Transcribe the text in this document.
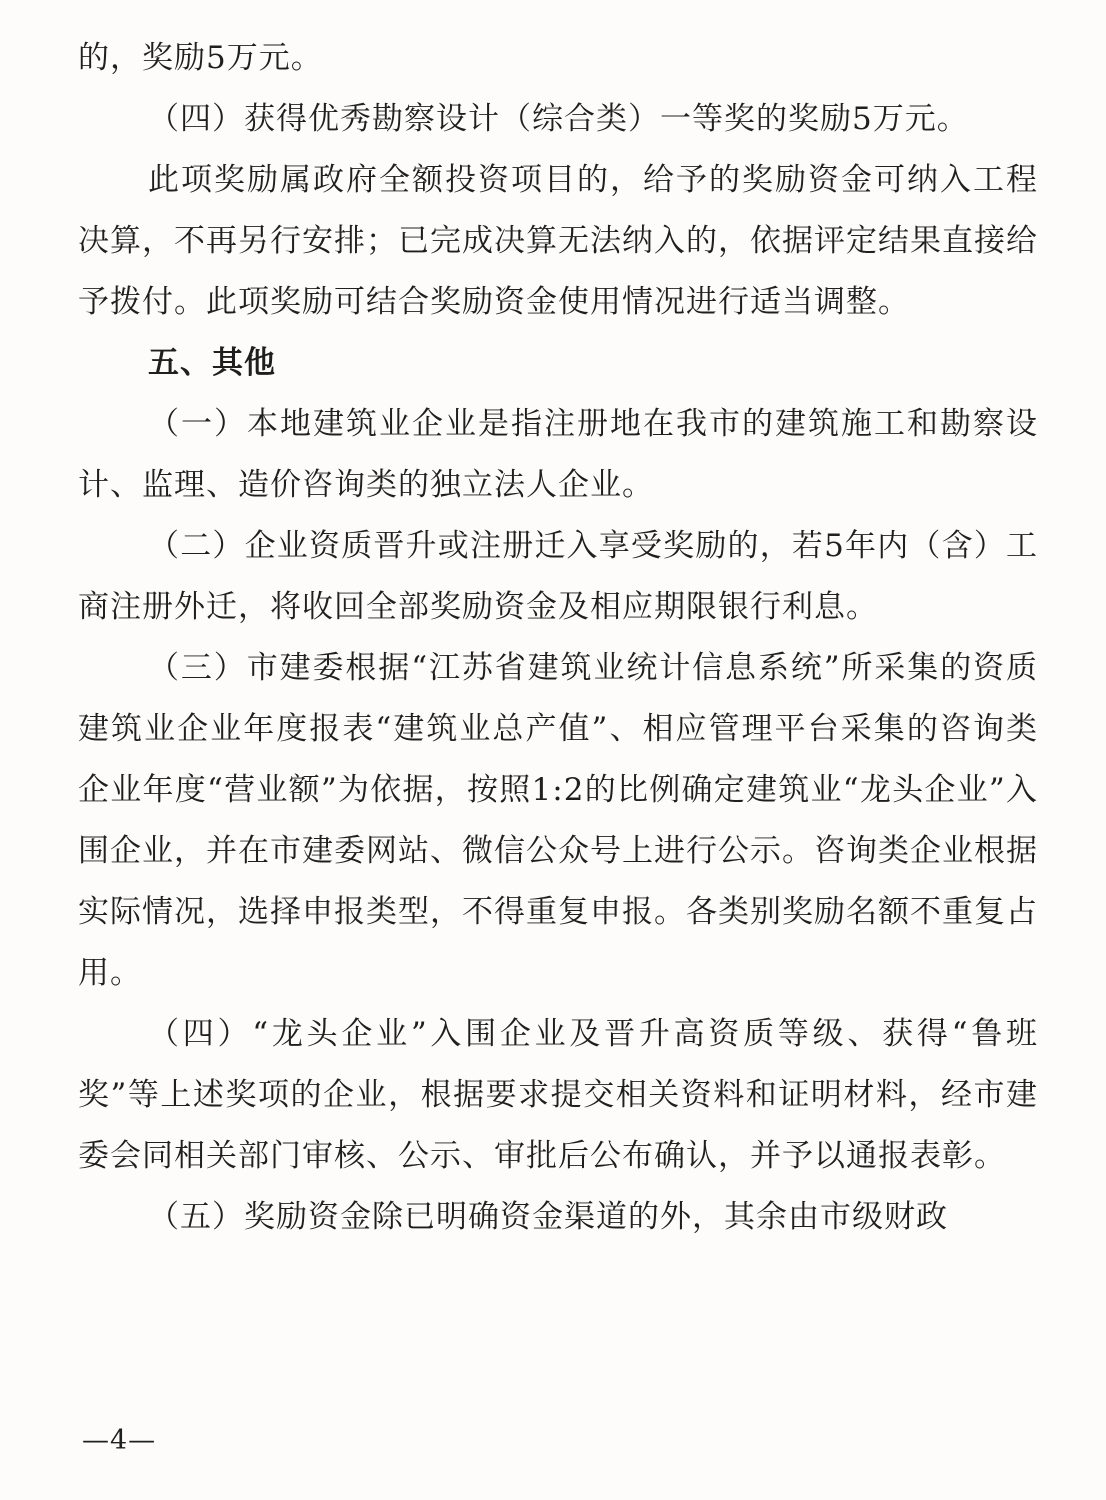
的，奖励5万元。

（四）获得优秀勘察设计（综合类）一等奖的奖励5万元。

此项奖励属政府全额投资项目的，给予的奖励资金可纳入工程决算，不再另行安排；已完成决算无法纳入的，依据评定结果直接给予拨付。此项奖励可结合奖励资金使用情况进行适当调整。

五、其他

（一）本地建筑业企业是指注册地在我市的建筑施工和勘察设计、监理、造价咨询类的独立法人企业。

（二）企业资质晋升或注册迁入享受奖励的，若5年内（含）工商注册外迁，将收回全部奖励资金及相应期限银行利息。

（三）市建委根据“江苏省建筑业统计信息系统”所采集的资质建筑业企业年度报表“建筑业总产值”、相应管理平台采集的咨询类企业年度“营业额”为依据，按照1:2的比例确定建筑业“龙头企业”入围企业，并在市建委网站、微信公众号上进行公示。咨询类企业根据实际情况，选择申报类型，不得重复申报。各类别奖励名额不重复占用。

（四）“龙头企业”入围企业及晋升高资质等级、获得“鲁班奖”等上述奖项的企业，根据要求提交相关资料和证明材料，经市建委会同相关部门审核、公示、审批后公布确认，并予以通报表彰。

（五）奖励资金除已明确资金渠道的外，其余由市级财政

—4—
